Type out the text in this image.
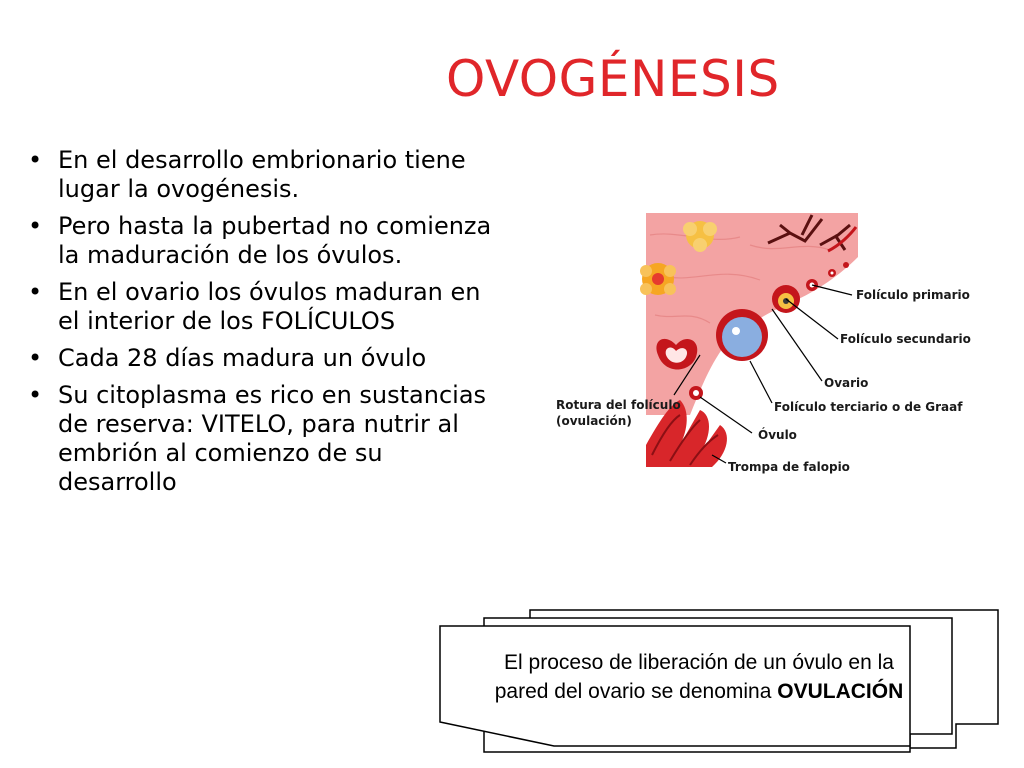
OVOGÉNESIS
• En el desarrollo embrionario tiene lugar la ovogénesis.
• Pero hasta la pubertad no comienza la maduración de los óvulos.
• En el ovario los óvulos maduran en el interior de los FOLÍCULOS
• Cada 28 días madura un óvulo
• Su citoplasma es rico en sustancias de reserva: VITELO, para nutrir al embrión al comienzo de su desarrollo
Folículo primario
Folículo secundario
Ovario
Folículo terciario o de Graaf
Rotura del folículo
(ovulación)
Óvulo
Trompa de falopio
El proceso de liberación de un óvulo en la pared del ovario se denomina OVULACIÓN
